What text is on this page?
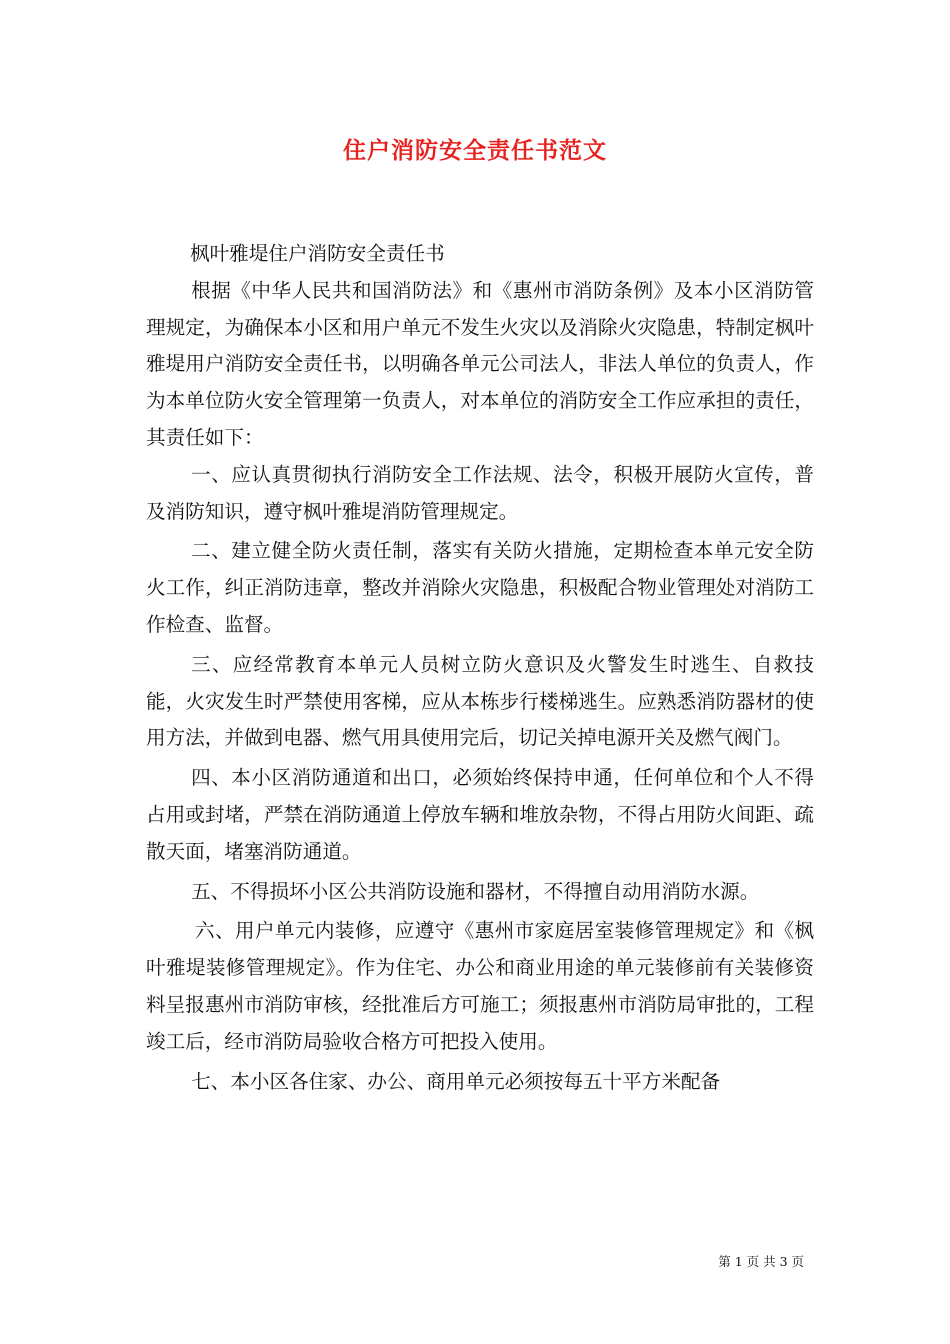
住户消防安全责任书范文

枫叶雅堤住户消防安全责任书

根据《中华人民共和国消防法》和《惠州市消防条例》及本小区消防管理规定，为确保本小区和用户单元不发生火灾以及消除火灾隐患，特制定枫叶雅堤用户消防安全责任书，以明确各单元公司法人，非法人单位的负责人，作为本单位防火安全管理第一负责人，对本单位的消防安全工作应承担的责任，其责任如下：

一、应认真贯彻执行消防安全工作法规、法令，积极开展防火宣传，普及消防知识，遵守枫叶雅堤消防管理规定。

二、建立健全防火责任制，落实有关防火措施，定期检查本单元安全防火工作，纠正消防违章，整改并消除火灾隐患，积极配合物业管理处对消防工作检查、监督。

三、应经常教育本单元人员树立防火意识及火警发生时逃生、自救技能，火灾发生时严禁使用客梯，应从本栋步行楼梯逃生。应熟悉消防器材的使用方法，并做到电器、燃气用具使用完后，切记关掉电源开关及燃气阀门。

四、本小区消防通道和出口，必须始终保持申通，任何单位和个人不得占用或封堵，严禁在消防通道上停放车辆和堆放杂物，不得占用防火间距、疏散天面，堵塞消防通道。

五、不得损坏小区公共消防设施和器材，不得擅自动用消防水源。

六、用户单元内装修，应遵守《惠州市家庭居室装修管理规定》和《枫叶雅堤装修管理规定》。作为住宅、办公和商业用途的单元装修前有关装修资料呈报惠州市消防审核，经批准后方可施工；须报惠州市消防局审批的，工程竣工后，经市消防局验收合格方可把投入使用。

七、本小区各住家、办公、商用单元必须按每五十平方米配备

第 1 页 共 3 页
